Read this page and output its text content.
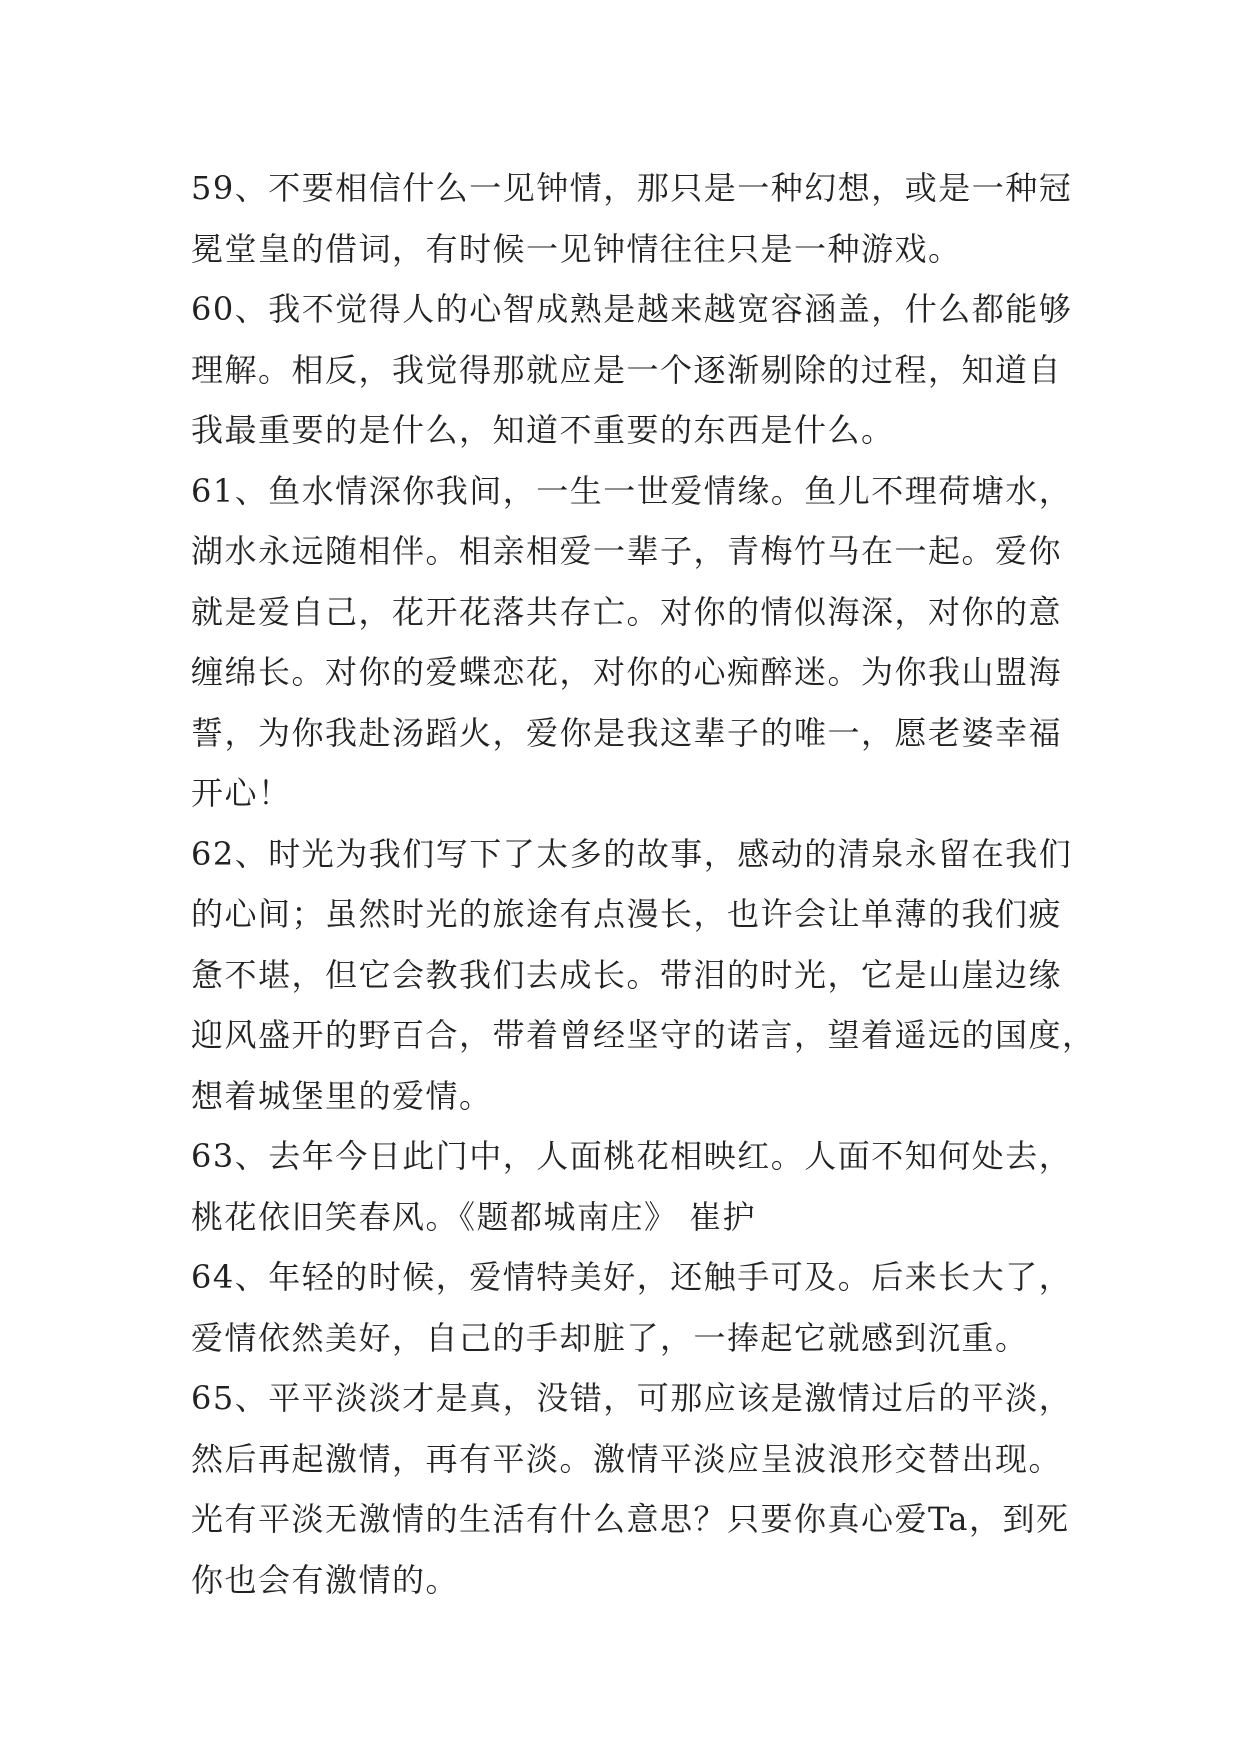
59、不要相信什么一见钟情，那只是一种幻想，或是一种冠
冕堂皇的借词，有时候一见钟情往往只是一种游戏。
60、我不觉得人的心智成熟是越来越宽容涵盖，什么都能够
理解。相反，我觉得那就应是一个逐渐剔除的过程，知道自
我最重要的是什么，知道不重要的东西是什么。
61、鱼水情深你我间，一生一世爱情缘。鱼儿不理荷塘水，
湖水永远随相伴。相亲相爱一辈子，青梅竹马在一起。爱你
就是爱自己，花开花落共存亡。对你的情似海深，对你的意
缠绵长。对你的爱蝶恋花，对你的心痴醉迷。为你我山盟海
誓，为你我赴汤蹈火，爱你是我这辈子的唯一，愿老婆幸福
开心！
62、时光为我们写下了太多的故事，感动的清泉永留在我们
的心间；虽然时光的旅途有点漫长，也许会让单薄的我们疲
惫不堪，但它会教我们去成长。带泪的时光，它是山崖边缘
迎风盛开的野百合，带着曾经坚守的诺言，望着遥远的国度，
想着城堡里的爱情。
63、去年今日此门中，人面桃花相映红。人面不知何处去，
桃花依旧笑春风。《题都城南庄》 崔护
64、年轻的时候，爱情特美好，还触手可及。后来长大了，
爱情依然美好，自己的手却脏了，一捧起它就感到沉重。
65、平平淡淡才是真，没错，可那应该是激情过后的平淡，
然后再起激情，再有平淡。激情平淡应呈波浪形交替出现。
光有平淡无激情的生活有什么意思？只要你真心爱Ta，到死
你也会有激情的。
